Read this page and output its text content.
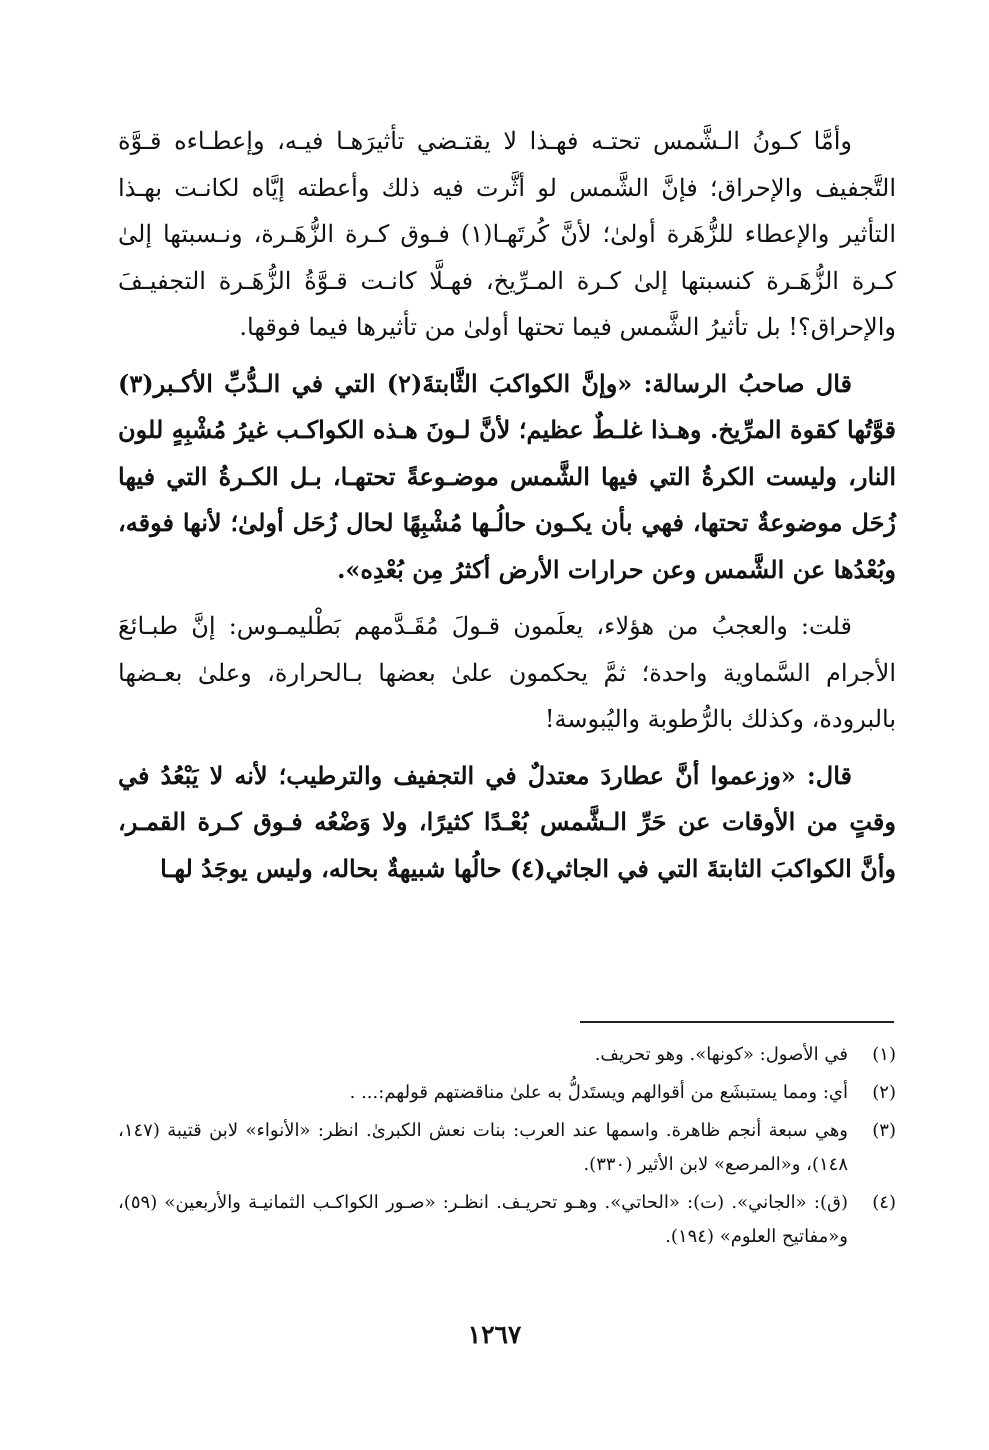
وأمَّا كـونُ الـشَّمس تحتـه فهـذا لا يقتـضي تأثيرَهـا فيـه، وإعطـاءه قـوَّة التَّجفيف والإحراق؛ فإنَّ الشَّمس لو أثَّرت فيه ذلك وأعطته إيَّاه لكانـت بهـذا التأثير والإعطاء للزُّهَرة أولىٰ؛ لأنَّ كُرتَهـا(١) فـوق كـرة الزُّهَـرة، ونـسبتها إلىٰ كـرة الزُّهَـرة كنسبتها إلىٰ كـرة المـرِّيخ، فهـلَّا كانـت قـوَّةُ الزُّهَـرة التجفيـفَ والإحراق؟! بل تأثيرُ الشَّمس فيما تحتها أولىٰ من تأثيرها فيما فوقها.

قال صاحبُ الرسالة: «وإنَّ الكواكبَ الثَّابتةَ(٢) التي في الـدُّبِّ الأكـبر(٣) قوَّتُها كقوة المرِّيخ. وهـذا غلـطٌ عظيم؛ لأنَّ لـونَ هـذه الكواكـب غيرُ مُشْبِهٍ للون النار، وليست الكرةُ التي فيها الشَّمس موضـوعةً تحتهـا، بـل الكـرةُ التي فيها زُحَل موضوعةٌ تحتها، فهي بأن يكـون حالُـها مُشْبِهًا لحال زُحَل أولىٰ؛ لأنها فوقه، وبُعْدُها عن الشَّمس وعن حرارات الأرض أكثرُ مِن بُعْدِه».

قلت: والعجبُ من هؤلاء، يعلَمون قـولَ مُقَـدَّمهم بَطْليمـوس: إنَّ طبـائعَ الأجرام السَّماوية واحدة؛ ثمَّ يحكمون علىٰ بعضها بـالحرارة، وعلىٰ بعـضها بالبرودة، وكذلك بالرُّطوبة واليُبوسة!

قال: «وزعموا أنَّ عطاردَ معتدلٌ في التجفيف والترطيب؛ لأنه لا يَبْعُدُ في وقتٍ من الأوقات عن حَرِّ الـشَّمس بُعْـدًا كثيرًا، ولا وَضْعُه فـوق كـرة القمـر، وأنَّ الكواكبَ الثابتةَ التي في الجاثي(٤) حالُها شبيهةٌ بحاله، وليس يوجَدُ لهـا

(١)
في الأصول: «كونها». وهو تحريف.
(٢)
أي: ومما يستبشَع من أقوالهم ويستَدلُّ به علىٰ مناقضتهم قولهم:... .
(٣)
وهي سبعة أنجم ظاهرة. واسمها عند العرب: بنات نعش الكبرىٰ. انظر: «الأنواء» لابن قتيبة (١٤٧، ١٤٨)، و«المرصع» لابن الأثير (٣٣٠).
(٤)
(ق): «الجاني». (ت): «الحاتي». وهـو تحريـف. انظـر: «صـور الكواكـب الثمانيـة والأربعين» (٥٩)، و«مفاتيح العلوم» (١٩٤).
١٢٦٧
